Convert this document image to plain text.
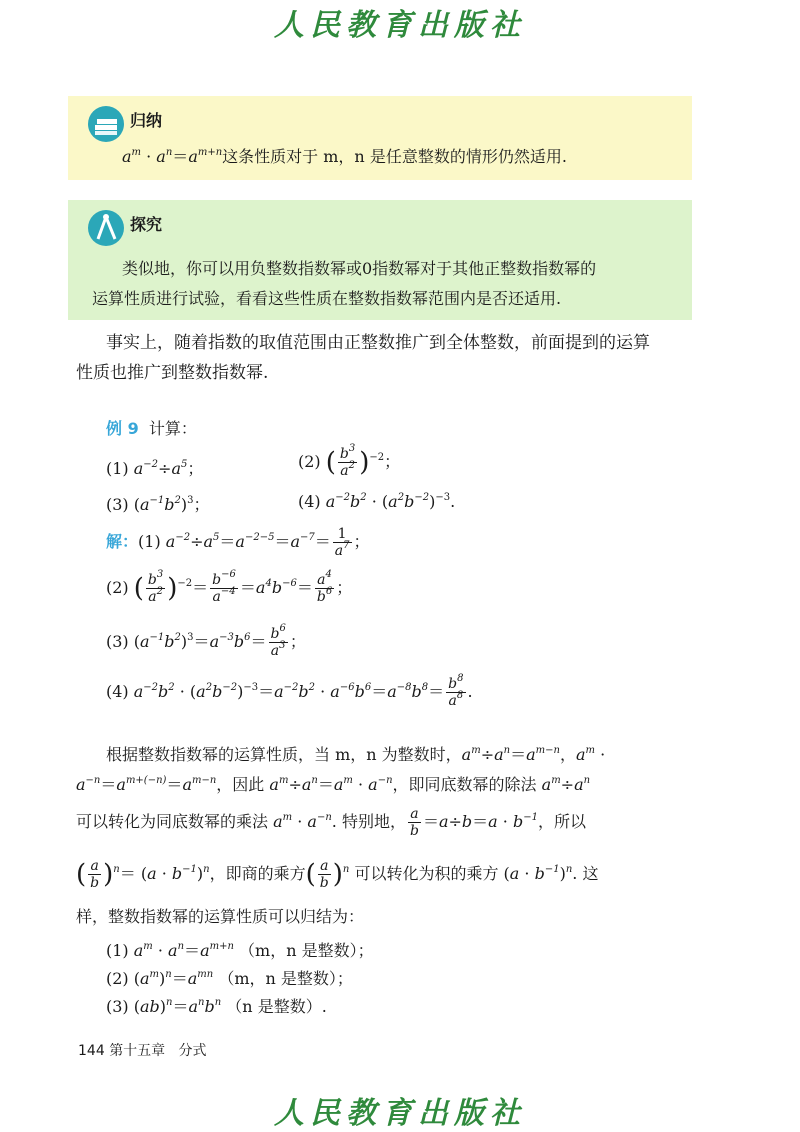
人民教育出版社
归纳
$a^m \cdot a^n=a^{m+n}$这条性质对于 m，n 是任意整数的情形仍然适用.
探究
类似地，你可以用负整数指数幂或0指数幂对于其他正整数指数幂的
运算性质进行试验，看看这些性质在整数指数幂范围内是否还适用.
事实上，随着指数的取值范围由正整数推广到全体整数，前面提到的运算
性质也推广到整数指数幂.
例 9 计算：
(1) $a^{-2}\div a^5$；	(2) ( $\frac{b^3}{a^2} )^{-2}$；
(3) $(a^{-1}b^2)^3$；	(4) $a^{-2}b^2 \cdot (a^2b^{-2})^{-3}$.
解：(1) $a^{-2}\div a^5=a^{-2-5}=a^{-7}= \frac{1}{a^7}$ ；
(2) ( $\frac{b^3}{a^2} )^{-2}= \frac{b^{-6}}{a^{-4}} =a^4b^{-6}= \frac{a^4}{b^6}$ ；
(3) $(a^{-1}b^2)^3=a^{-3}b^6= \frac{b^6}{a^3}$ ；
(4) $a^{-2}b^2 \cdot (a^2b^{-2})^{-3}=a^{-2}b^2 \cdot a^{-6}b^6=a^{-8}b^8= \frac{b^8}{a^8}$ .
根据整数指数幂的运算性质，当 m，n 为整数时，$a^m\div a^n=a^{m-n}$，$a^m$ ·
$a^{-n}=a^{m+(-n)}=a^{m-n}$，因此 $a^m\div a^n=a^m \cdot a^{-n}$，即同底数幂的除法 $a^m\div a^n$
可以转化为同底数幂的乘法 $a^m \cdot a^{-n}$. 特别地， $\frac{a}{b} =a\div b=a \cdot b^{-1}$，所以
( $\frac{a}{b} )^n= (a \cdot b^{-1})^n$，即商的乘方( $\frac{a}{b} )^n$ 可以转化为积的乘方 $(a \cdot b^{-1})^n$. 这
样，整数指数幂的运算性质可以归结为：
(1) $a^m \cdot a^n=a^{m+n}$ （m，n 是整数）；
(2) $(a^m)^n=a^{mn}$ （m，n 是整数）；
(3) $(ab)^n=a^nb^n$ （n 是整数）.
144 第十五章 分式
人民教育出版社
